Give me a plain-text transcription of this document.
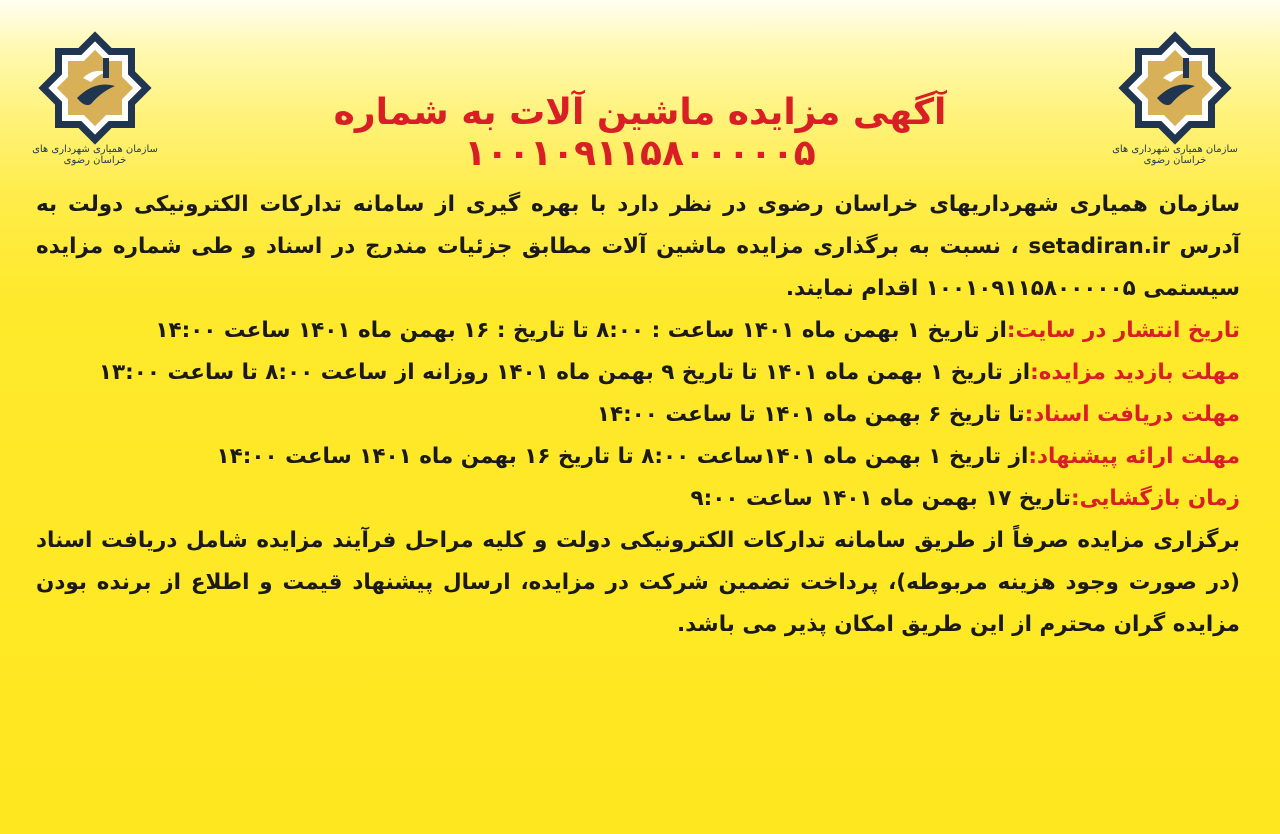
سازمان همیاری شهرداری های خراسان رضوی
سازمان همیاری شهرداری های خراسان رضوی
آگهی مزایده ماشین آلات به شماره ۱۰۰۱۰۹۱۱۵۸۰۰۰۰۰۵

سازمان همیاری شهرداریهای خراسان رضوی در نظر دارد با بهره گیری از سامانه تدارکات الکترونیکی دولت به آدرس setadiran.ir ، نسبت به برگذاری مزایده ماشین آلات مطابق جزئیات مندرج در اسناد و طی شماره مزایده سیستمی ۱۰۰۱۰۹۱۱۵۸۰۰۰۰۰۵ اقدام نمایند.

تاریخ انتشار در سایت:از تاریخ ۱ بهمن ماه ۱۴۰۱ ساعت : ۸:۰۰ تا تاریخ : ۱۶ بهمن ماه ۱۴۰۱ ساعت ۱۴:۰۰

مهلت بازدید مزایده:از تاریخ ۱ بهمن ماه ۱۴۰۱ تا تاریخ ۹ بهمن ماه ۱۴۰۱ روزانه از ساعت ۸:۰۰ تا ساعت ۱۳:۰۰

مهلت دریافت اسناد:تا تاریخ ۶ بهمن ماه ۱۴۰۱ تا ساعت ۱۴:۰۰

مهلت ارائه پیشنهاد:از تاریخ ۱ بهمن ماه ۱۴۰۱ساعت ۸:۰۰ تا تاریخ ۱۶ بهمن ماه ۱۴۰۱ ساعت ۱۴:۰۰

زمان بازگشایی:تاریخ ۱۷ بهمن ماه ۱۴۰۱ ساعت ۹:۰۰

برگزاری مزایده صرفاً از طریق سامانه تدارکات الکترونیکی دولت و کلیه مراحل فرآیند مزایده شامل دریافت اسناد (در صورت وجود هزینه مربوطه)، پرداخت تضمین شرکت در مزایده، ارسال پیشنهاد قیمت و اطلاع از برنده بودن مزایده گران محترم از این طریق امکان پذیر می باشد.
